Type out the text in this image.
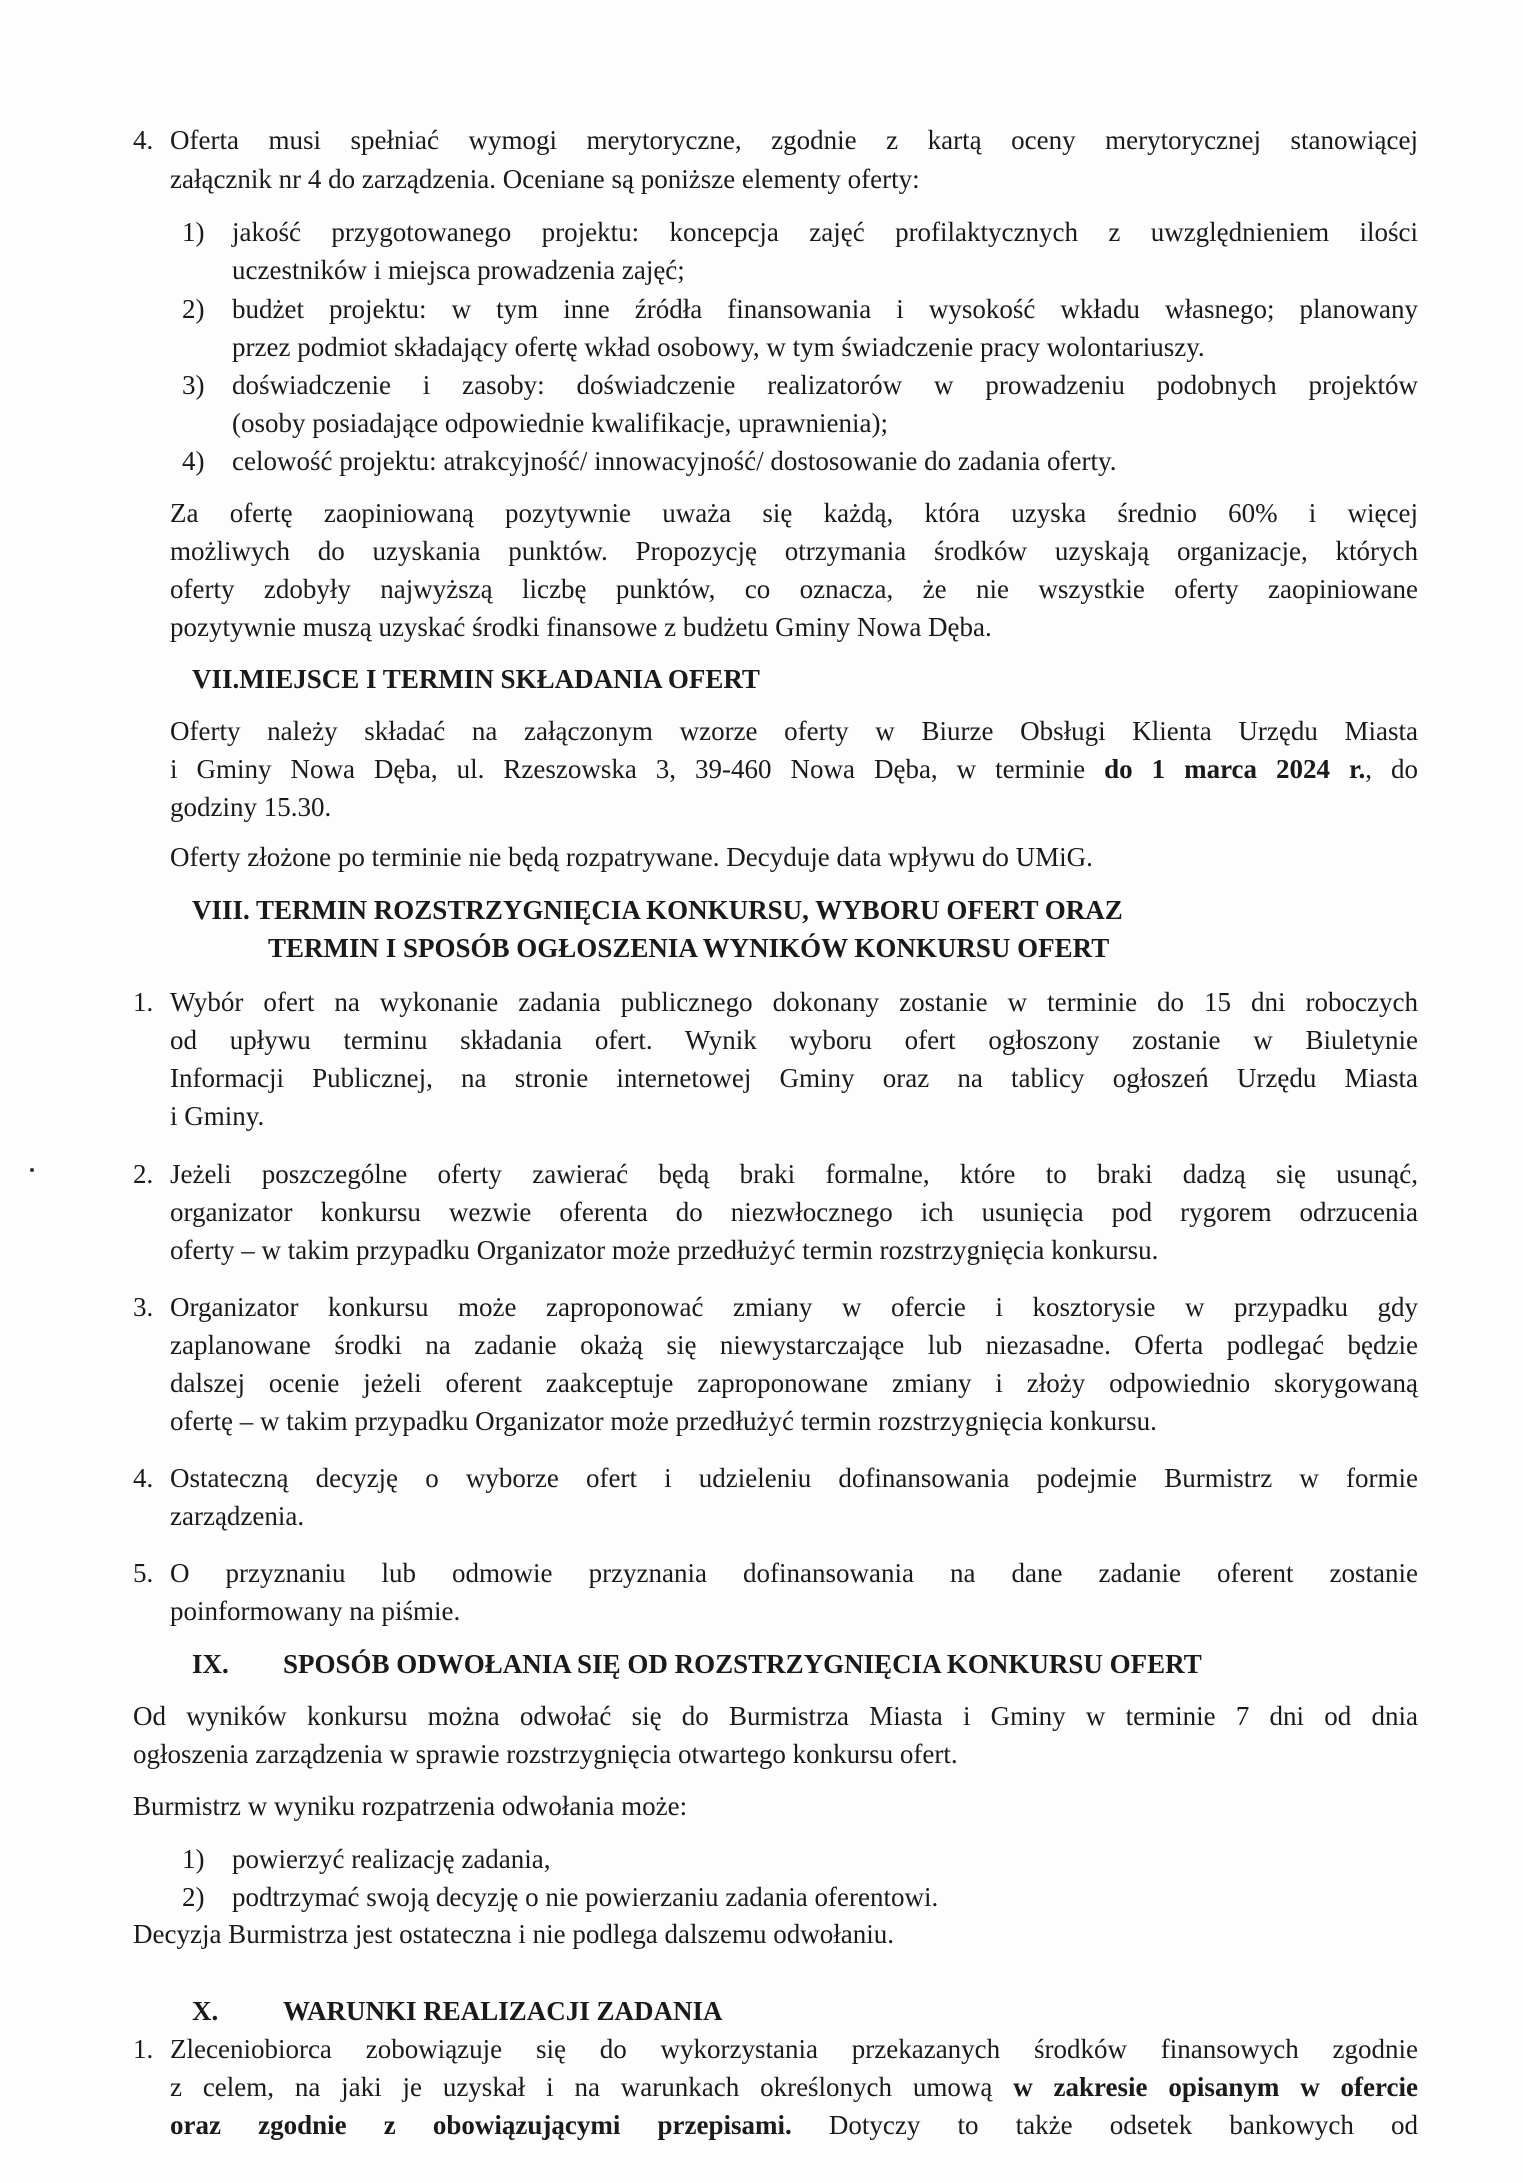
4. Oferta musi spełniać wymogi merytoryczne, zgodnie z kartą oceny merytorycznej stanowiącej

załącznik nr 4 do zarządzenia. Oceniane są poniższe elementy oferty:

1) jakość przygotowanego projektu: koncepcja zajęć profilaktycznych z uwzględnieniem ilości

uczestników i miejsca prowadzenia zajęć;

2) budżet projektu: w tym inne źródła finansowania i wysokość wkładu własnego; planowany

przez podmiot składający ofertę wkład osobowy, w tym świadczenie pracy wolontariuszy.

3) doświadczenie i zasoby: doświadczenie realizatorów w prowadzeniu podobnych projektów

(osoby posiadające odpowiednie kwalifikacje, uprawnienia);

4) celowość projektu: atrakcyjność/ innowacyjność/ dostosowanie do zadania oferty.

Za ofertę zaopiniowaną pozytywnie uważa się każdą, która uzyska średnio 60% i więcej

możliwych do uzyskania punktów. Propozycję otrzymania środków uzyskają organizacje, których

oferty zdobyły najwyższą liczbę punktów, co oznacza, że nie wszystkie oferty zaopiniowane

pozytywnie muszą uzyskać środki finansowe z budżetu Gminy Nowa Dęba.

VII.MIEJSCE I TERMIN SKŁADANIA OFERT

Oferty należy składać na załączonym wzorze oferty w Biurze Obsługi Klienta Urzędu Miasta

i Gminy Nowa Dęba, ul. Rzeszowska 3, 39-460 Nowa Dęba, w terminie do 1 marca 2024 r., do

godziny 15.30.

Oferty złożone po terminie nie będą rozpatrywane. Decyduje data wpływu do UMiG.

VIII. TERMIN ROZSTRZYGNIĘCIA KONKURSU, WYBORU OFERT ORAZ

TERMIN I SPOSÓB OGŁOSZENIA WYNIKÓW KONKURSU OFERT

1. Wybór ofert na wykonanie zadania publicznego dokonany zostanie w terminie do 15 dni roboczych

od upływu terminu składania ofert. Wynik wyboru ofert ogłoszony zostanie w Biuletynie

Informacji Publicznej, na stronie internetowej Gminy oraz na tablicy ogłoszeń Urzędu Miasta

i Gminy.

2. Jeżeli poszczególne oferty zawierać będą braki formalne, które to braki dadzą się usunąć,

organizator konkursu wezwie oferenta do niezwłocznego ich usunięcia pod rygorem odrzucenia

oferty – w takim przypadku Organizator może przedłużyć termin rozstrzygnięcia konkursu.

3. Organizator konkursu może zaproponować zmiany w ofercie i kosztorysie w przypadku gdy

zaplanowane środki na zadanie okażą się niewystarczające lub niezasadne. Oferta podlegać będzie

dalszej ocenie jeżeli oferent zaakceptuje zaproponowane zmiany i złoży odpowiednio skorygowaną

ofertę – w takim przypadku Organizator może przedłużyć termin rozstrzygnięcia konkursu.

4. Ostateczną decyzję o wyborze ofert i udzieleniu dofinansowania podejmie Burmistrz w formie

zarządzenia.

5. O przyznaniu lub odmowie przyznania dofinansowania na dane zadanie oferent zostanie

poinformowany na piśmie.

IX. SPOSÓB ODWOŁANIA SIĘ OD ROZSTRZYGNIĘCIA KONKURSU OFERT

Od wyników konkursu można odwołać się do Burmistrza Miasta i Gminy w terminie 7 dni od dnia

ogłoszenia zarządzenia w sprawie rozstrzygnięcia otwartego konkursu ofert.

Burmistrz w wyniku rozpatrzenia odwołania może:

1) powierzyć realizację zadania,

2) podtrzymać swoją decyzję o nie powierzaniu zadania oferentowi.

Decyzja Burmistrza jest ostateczna i nie podlega dalszemu odwołaniu.

X. WARUNKI REALIZACJI ZADANIA

1. Zleceniobiorca zobowiązuje się do wykorzystania przekazanych środków finansowych zgodnie

z celem, na jaki je uzyskał i na warunkach określonych umową w zakresie opisanym w ofercie

oraz zgodnie z obowiązującymi przepisami. Dotyczy to także odsetek bankowych od
